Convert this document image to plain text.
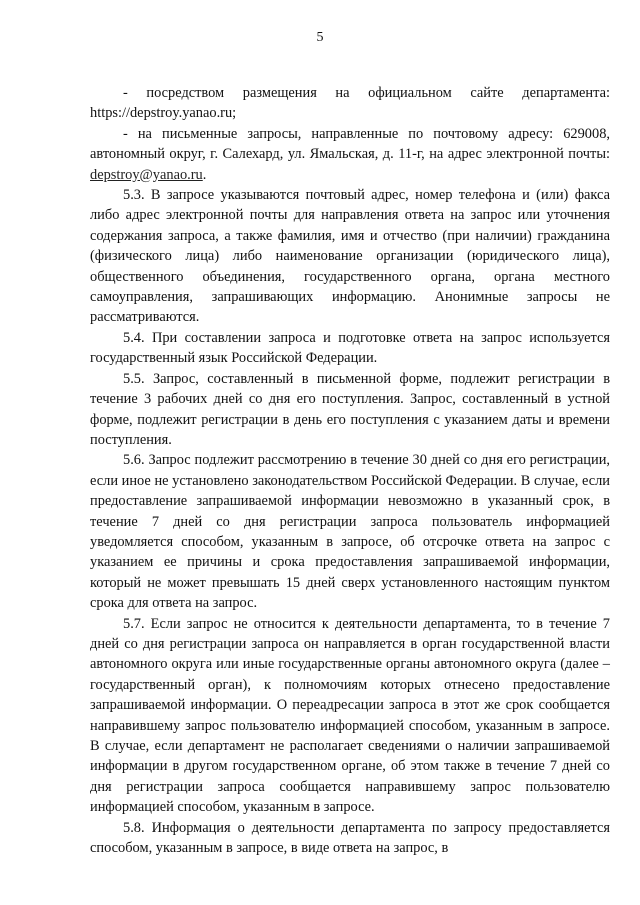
5

- посредством размещения на официальном сайте департамента: https://depstroy.yanao.ru;

- на письменные запросы, направленные по почтовому адресу: 629008, автономный округ, г. Салехард, ул. Ямальская, д. 11-г, на адрес электронной почты: depstroy@yanao.ru.

5.3. В запросе указываются почтовый адрес, номер телефона и (или) факса либо адрес электронной почты для направления ответа на запрос или уточнения содержания запроса, а также фамилия, имя и отчество (при наличии) гражданина (физического лица) либо наименование организации (юридического лица), общественного объединения, государственного органа, органа местного самоуправления, запрашивающих информацию. Анонимные запросы не рассматриваются.

5.4. При составлении запроса и подготовке ответа на запрос используется государственный язык Российской Федерации.

5.5. Запрос, составленный в письменной форме, подлежит регистрации в течение 3 рабочих дней со дня его поступления. Запрос, составленный в устной форме, подлежит регистрации в день его поступления с указанием даты и времени поступления.

5.6. Запрос подлежит рассмотрению в течение 30 дней со дня его регистрации, если иное не установлено законодательством Российской Федерации. В случае, если предоставление запрашиваемой информации невозможно в указанный срок, в течение 7 дней со дня регистрации запроса пользователь информацией уведомляется способом, указанным в запросе, об отсрочке ответа на запрос с указанием ее причины и срока предоставления запрашиваемой информации, который не может превышать 15 дней сверх установленного настоящим пунктом срока для ответа на запрос.

5.7. Если запрос не относится к деятельности департамента, то в течение 7 дней со дня регистрации запроса он направляется в орган государственной власти автономного округа или иные государственные органы автономного округа (далее – государственный орган), к полномочиям которых отнесено предоставление запрашиваемой информации. О переадресации запроса в этот же срок сообщается направившему запрос пользователю информацией способом, указанным в запросе. В случае, если департамент не располагает сведениями о наличии запрашиваемой информации в другом государственном органе, об этом также в течение 7 дней со дня регистрации запроса сообщается направившему запрос пользователю информацией способом, указанным в запросе.

5.8. Информация о деятельности департамента по запросу предоставляется способом, указанным в запросе, в виде ответа на запрос, в
